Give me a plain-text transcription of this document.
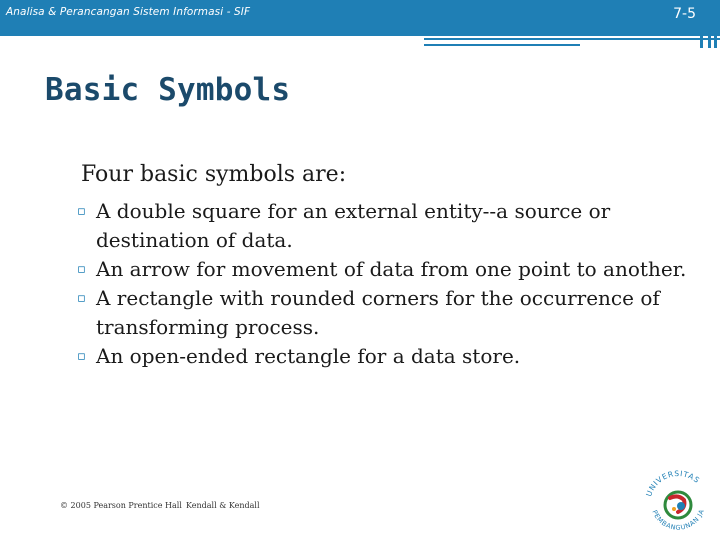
Analisa & Perancangan Sistem Informasi - SIF	7-5
Basic Symbols

Four basic symbols are:

▫ A double square for an external entity--a source or destination of data.
▫ An arrow for movement of data from one point to another.
▫ A rectangle with rounded corners for the occurrence of transforming process.
▫ An open-ended rectangle for a data store.
© 2005 Pearson Prentice Hall Kendall & Kendall
UNIVERSITAS
PEMBANGUNAN JA
